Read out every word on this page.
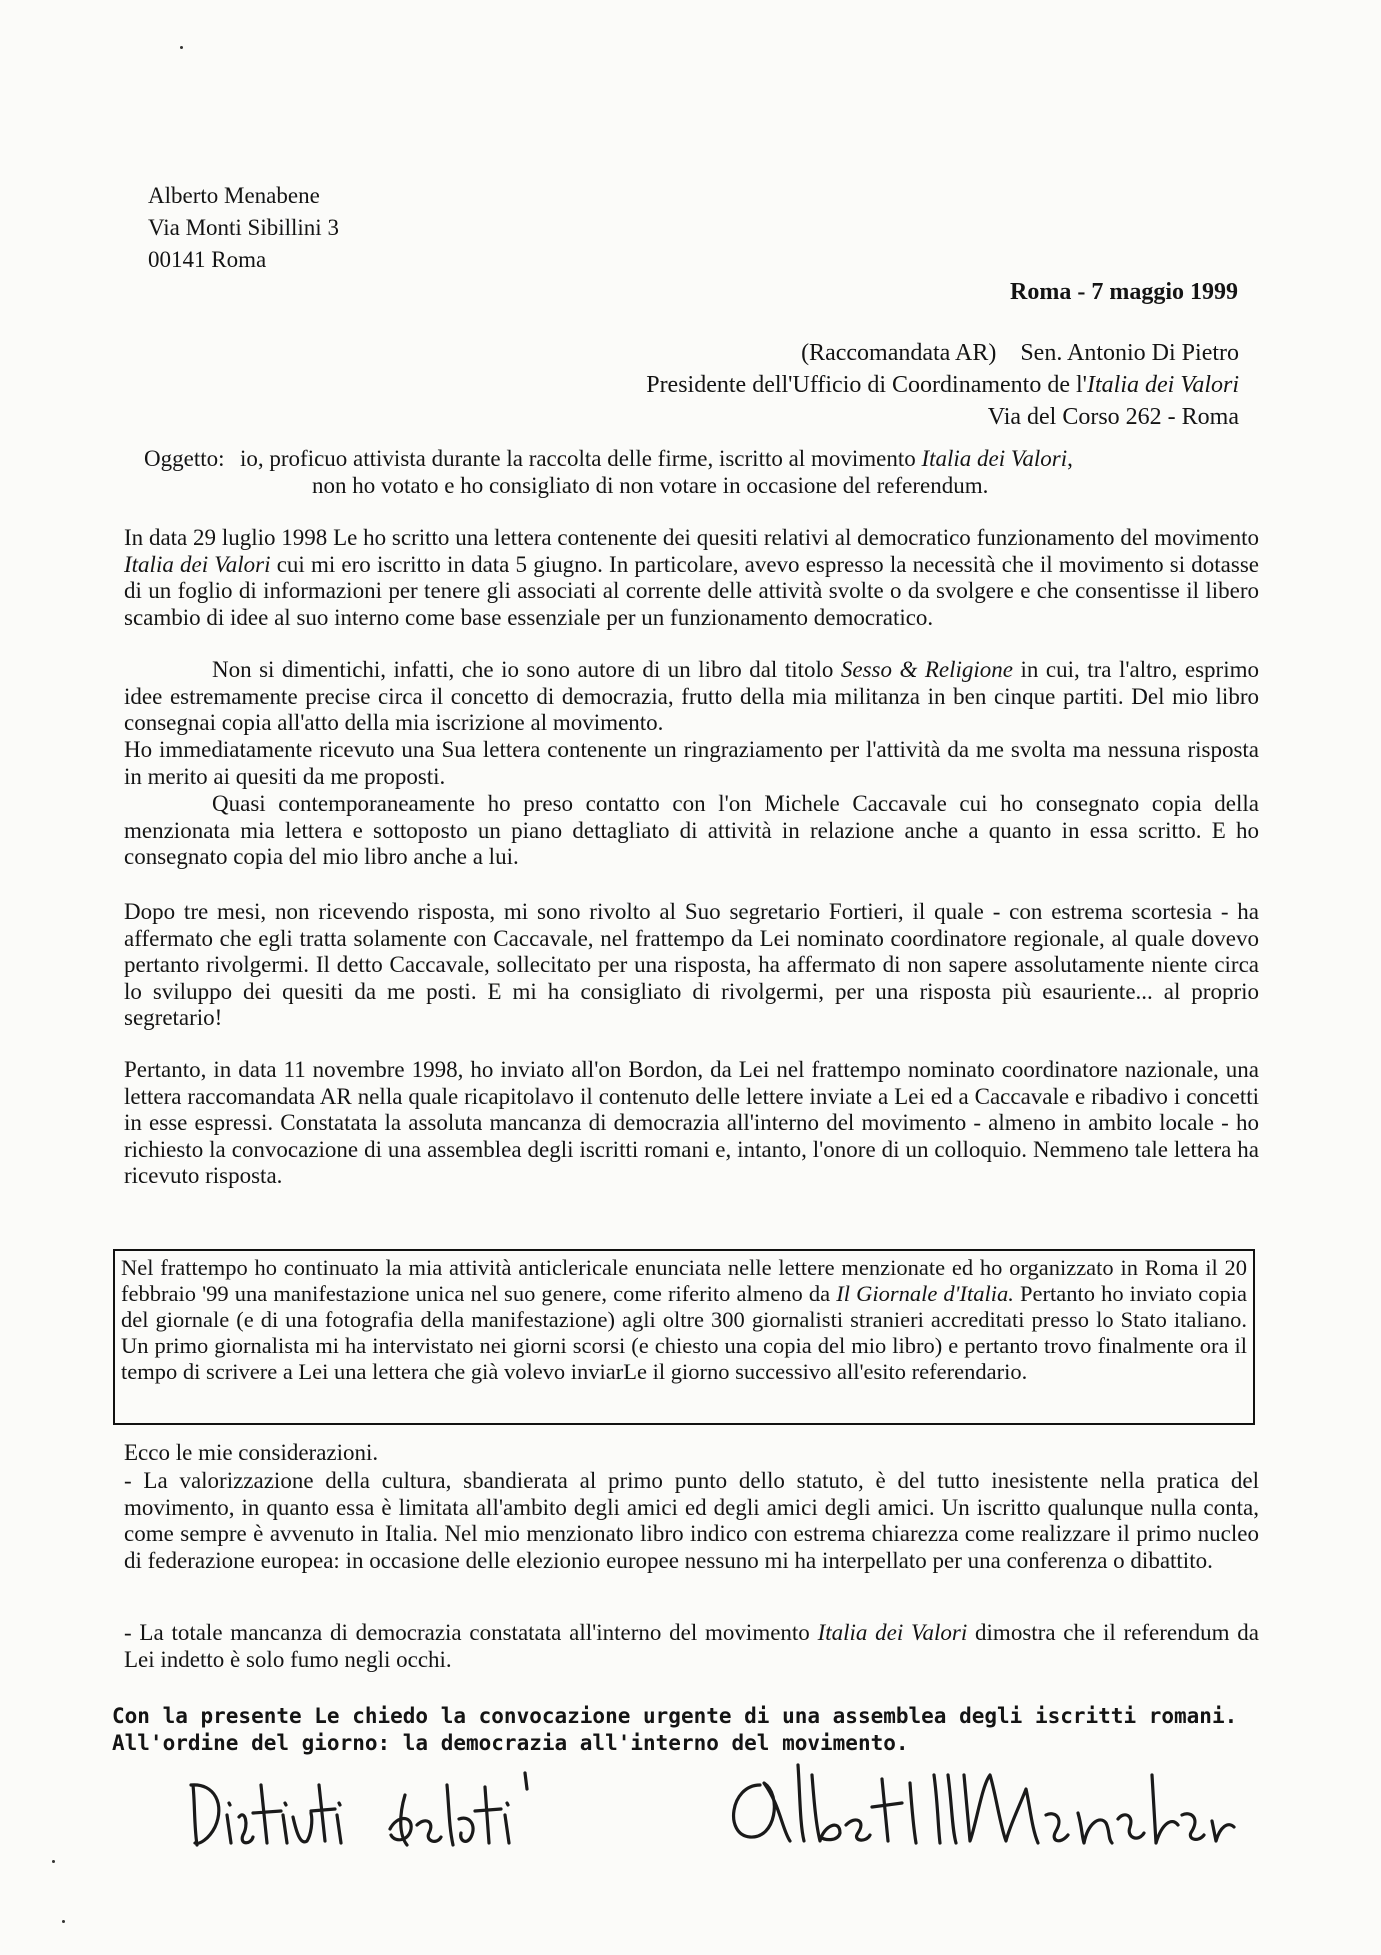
Alberto Menabene
Via Monti Sibillini 3
00141 Roma
Roma - 7 maggio 1999
(Raccomandata AR) Sen. Antonio Di Pietro
Presidente dell'Ufficio di Coordinamento de l'Italia dei Valori
Via del Corso 262 - Roma
Oggetto: io, proficuo attivista durante la raccolta delle firme, iscritto al movimento Italia dei Valori,
non ho votato e ho consigliato di non votare in occasione del referendum.
In data 29 luglio 1998 Le ho scritto una lettera contenente dei quesiti relativi al democratico funzionamento del movimento Italia dei Valori cui mi ero iscritto in data 5 giugno. In particolare, avevo espresso la necessità che il movimento si dotasse di un foglio di informazioni per tenere gli associati al corrente delle attività svolte o da svolgere e che consentisse il libero scambio di idee al suo interno come base essenziale per un funzionamento democratico.
Non si dimentichi, infatti, che io sono autore di un libro dal titolo Sesso & Religione in cui, tra l'altro, esprimo idee estremamente precise circa il concetto di democrazia, frutto della mia militanza in ben cinque partiti. Del mio libro consegnai copia all'atto della mia iscrizione al movimento.
Ho immediatamente ricevuto una Sua lettera contenente un ringraziamento per l'attività da me svolta ma nessuna risposta in merito ai quesiti da me proposti.
Quasi contemporaneamente ho preso contatto con l'on Michele Caccavale cui ho consegnato copia della menzionata mia lettera e sottoposto un piano dettagliato di attività in relazione anche a quanto in essa scritto. E ho consegnato copia del mio libro anche a lui.
Dopo tre mesi, non ricevendo risposta, mi sono rivolto al Suo segretario Fortieri, il quale - con estrema scortesia - ha affermato che egli tratta solamente con Caccavale, nel frattempo da Lei nominato coordinatore regionale, al quale dovevo pertanto rivolgermi. Il detto Caccavale, sollecitato per una risposta, ha affermato di non sapere assolutamente niente circa lo sviluppo dei quesiti da me posti. E mi ha consigliato di rivolgermi, per una risposta più esauriente... al proprio segretario!
Pertanto, in data 11 novembre 1998, ho inviato all'on Bordon, da Lei nel frattempo nominato coordinatore nazionale, una lettera raccomandata AR nella quale ricapitolavo il contenuto delle lettere inviate a Lei ed a Caccavale e ribadivo i concetti in esse espressi. Constatata la assoluta mancanza di democrazia all'interno del movimento - almeno in ambito locale - ho richiesto la convocazione di una assemblea degli iscritti romani e, intanto, l'onore di un colloquio. Nemmeno tale lettera ha ricevuto risposta.
Nel frattempo ho continuato la mia attività anticlericale enunciata nelle lettere menzionate ed ho organizzato in Roma il 20 febbraio '99 una manifestazione unica nel suo genere, come riferito almeno da Il Giornale d'Italia. Pertanto ho inviato copia del giornale (e di una fotografia della manifestazione) agli oltre 300 giornalisti stranieri accreditati presso lo Stato italiano. Un primo giornalista mi ha intervistato nei giorni scorsi (e chiesto una copia del mio libro) e pertanto trovo finalmente ora il tempo di scrivere a Lei una lettera che già volevo inviarLe il giorno successivo all'esito referendario.
Ecco le mie considerazioni.
- La valorizzazione della cultura, sbandierata al primo punto dello statuto, è del tutto inesistente nella pratica del movimento, in quanto essa è limitata all'ambito degli amici ed degli amici degli amici. Un iscritto qualunque nulla conta, come sempre è avvenuto in Italia. Nel mio menzionato libro indico con estrema chiarezza come realizzare il primo nucleo di federazione europea: in occasione delle elezionio europee nessuno mi ha interpellato per una conferenza o dibattito.
- La totale mancanza di democrazia constatata all'interno del movimento Italia dei Valori dimostra che il referendum da Lei indetto è solo fumo negli occhi.
Con la presente Le chiedo la convocazione urgente di una assemblea degli iscritti romani. All'ordine del giorno: la democrazia all'interno del movimento.
